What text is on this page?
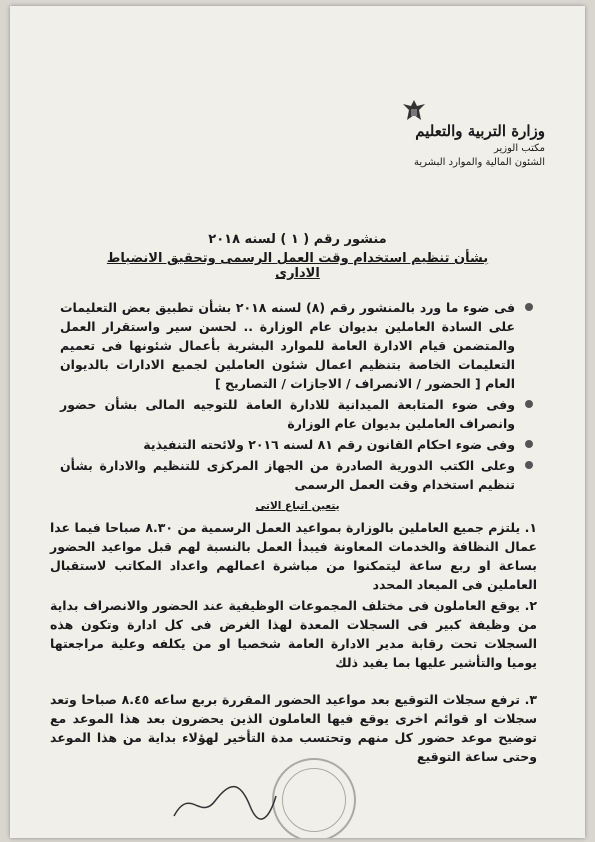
وزارة التربية والتعليم
مكتب الوزير
الشئون المالية والموارد البشرية
منشور رقم ( ١ ) لسنه ٢٠١٨
بشأن تنظيم استخدام وقت العمل الرسمى وتحقيق الانضباط الادارى
فى ضوء ما ورد بالمنشور رقم (٨) لسنه ٢٠١٨ بشأن تطبيق بعض التعليمات على السادة العاملين بديوان عام الوزارة .. لحسن سير واستقرار العمل والمتضمن قيام الادارة العامة للموارد البشرية بأعمال شئونها فى تعميم التعليمات الخاصة بتنظيم اعمال شئون العاملين لجميع الادارات بالديوان العام [ الحضور / الانصراف / الاجازات / التصاريح ]
وفى ضوء المتابعة الميدانية للادارة العامة للتوجيه المالى بشأن حضور وانصراف العاملين بديوان عام الوزارة
وفى ضوء احكام القانون رقم ٨١ لسنه ٢٠١٦ ولائحته التنفيذية
وعلى الكتب الدورية الصادرة من الجهاز المركزى للتنظيم والادارة بشأن تنظيم استخدام وقت العمل الرسمى
يتعين اتباع الاتى
١. يلتزم جميع العاملين بالوزارة بمواعيد العمل الرسمية من ٨.٣٠ صباحا فيما عدا عمال النظافة والخدمات المعاونة فيبدأ العمل بالنسبة لهم قبل مواعيد الحضور بساعة او ربع ساعة ليتمكنوا من مباشرة اعمالهم واعداد المكاتب لاستقبال العاملين فى الميعاد المحدد
٢. يوقع العاملون فى مختلف المجموعات الوظيفية عند الحضور والانصراف بداية من وظيفة كبير فى السجلات المعدة لهذا الغرض فى كل ادارة وتكون هذه السجلات تحت رقابة مدير الادارة العامة شخصيا او من يكلفه وعلية مراجعتها يوميا والتأشير عليها بما يفيد ذلك
٣. ترفع سجلات التوقيع بعد مواعيد الحضور المقررة بربع ساعه ٨.٤٥ صباحا وتعد سجلات او قوائم اخرى يوقع فيها العاملون الذين يحضرون بعد هذا الموعد مع توضيح موعد حضور كل منهم وتحتسب مدة التأخير لهؤلاء بداية من هذا الموعد وحتى ساعة التوقيع
